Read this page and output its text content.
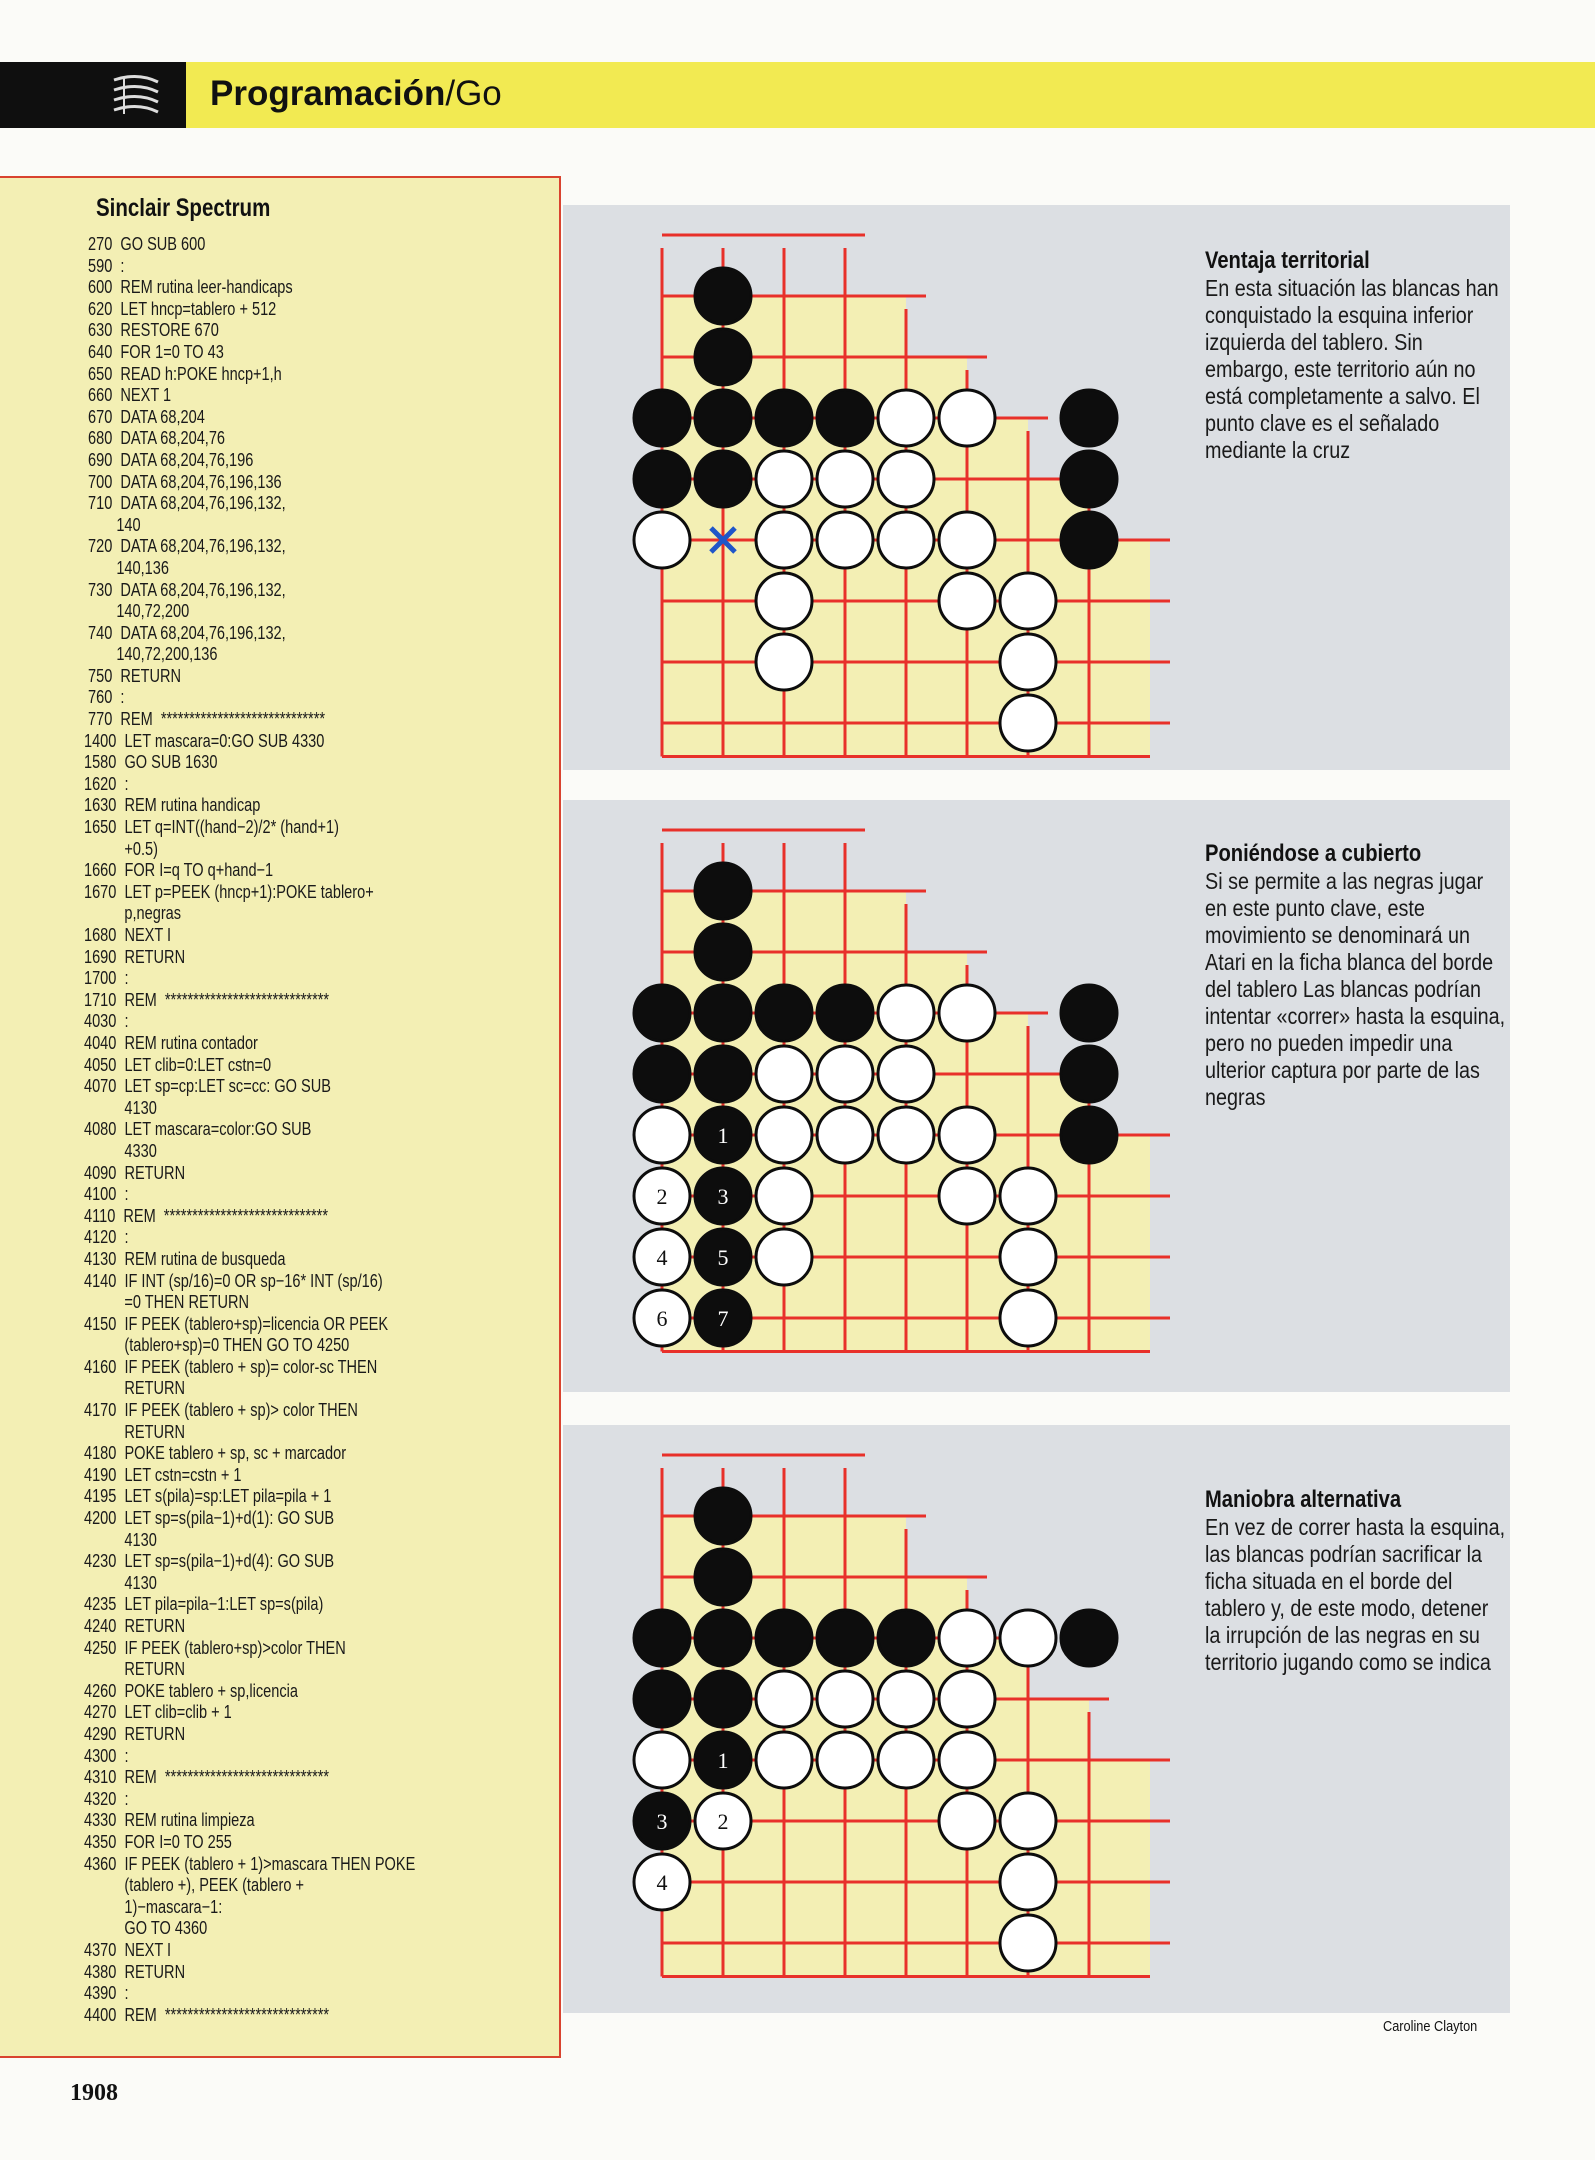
Programación/Go
Sinclair Spectrum
270  GO SUB 600
590  :
600  REM rutina leer-handicaps
620  LET hncp=tablero + 512
630  RESTORE 670
640  FOR 1=0 TO 43
650  READ h:POKE hncp+1,h
660  NEXT 1
670  DATA 68,204
680  DATA 68,204,76
690  DATA 68,204,76,196
700  DATA 68,204,76,196,136
710  DATA 68,204,76,196,132,
140
720  DATA 68,204,76,196,132,
140,136
730  DATA 68,204,76,196,132,
140,72,200
740  DATA 68,204,76,196,132,
140,72,200,136
750  RETURN
760  :
770  REM  *****************************
1400  LET mascara=0:GO SUB 4330
1580  GO SUB 1630
1620  :
1630  REM rutina handicap
1650  LET q=INT((hand−2)/2* (hand+1)
+0.5)
1660  FOR I=q TO q+hand−1
1670  LET p=PEEK (hncp+1):POKE tablero+
p,negras
1680  NEXT I
1690  RETURN
1700  :
1710  REM  *****************************
4030  :
4040  REM rutina contador
4050  LET clib=0:LET cstn=0
4070  LET sp=cp:LET sc=cc: GO SUB
4130
4080  LET mascara=color:GO SUB
4330
4090  RETURN
4100  :
4110  REM  *****************************
4120  :
4130  REM rutina de busqueda
4140  IF INT (sp/16)=0 OR sp−16* INT (sp/16)
=0 THEN RETURN
4150  IF PEEK (tablero+sp)=licencia OR PEEK
(tablero+sp)=0 THEN GO TO 4250
4160  IF PEEK (tablero + sp)= color-sc THEN
RETURN
4170  IF PEEK (tablero + sp)> color THEN
RETURN
4180  POKE tablero + sp, sc + marcador
4190  LET cstn=cstn + 1
4195  LET s(pila)=sp:LET pila=pila + 1
4200  LET sp=s(pila−1)+d(1): GO SUB
4130
4230  LET sp=s(pila−1)+d(4): GO SUB
4130
4235  LET pila=pila−1:LET sp=s(pila)
4240  RETURN
4250  IF PEEK (tablero+sp)>color THEN
RETURN
4260  POKE tablero + sp,licencia
4270  LET clib=clib + 1
4290  RETURN
4300  :
4310  REM  *****************************
4320  :
4330  REM rutina limpieza
4350  FOR I=0 TO 255
4360  IF PEEK (tablero + 1)>mascara THEN POKE
(tablero +), PEEK (tablero +
1)−mascara−1:
GO TO 4360
4370  NEXT I
4380  RETURN
4390  :
4400  REM  *****************************
1
2 3
4 5
6 7
1
3 2
4
Ventaja territorial
En esta situación las blancas han conquistado la esquina inferior izquierda del tablero. Sin embargo, este territorio aún no está completamente a salvo. El punto clave es el señalado mediante la cruz
Poniéndose a cubierto
Si se permite a las negras jugar en este punto clave, este movimiento se denominará un Atari en la ficha blanca del borde del tablero Las blancas podrían intentar «correr» hasta la esquina, pero no pueden impedir una ulterior captura por parte de las negras
Maniobra alternativa
En vez de correr hasta la esquina, las blancas podrían sacrificar la ficha situada en el borde del tablero y, de este modo, detener la irrupción de las negras en su territorio jugando como se indica
Caroline Clayton
1908
